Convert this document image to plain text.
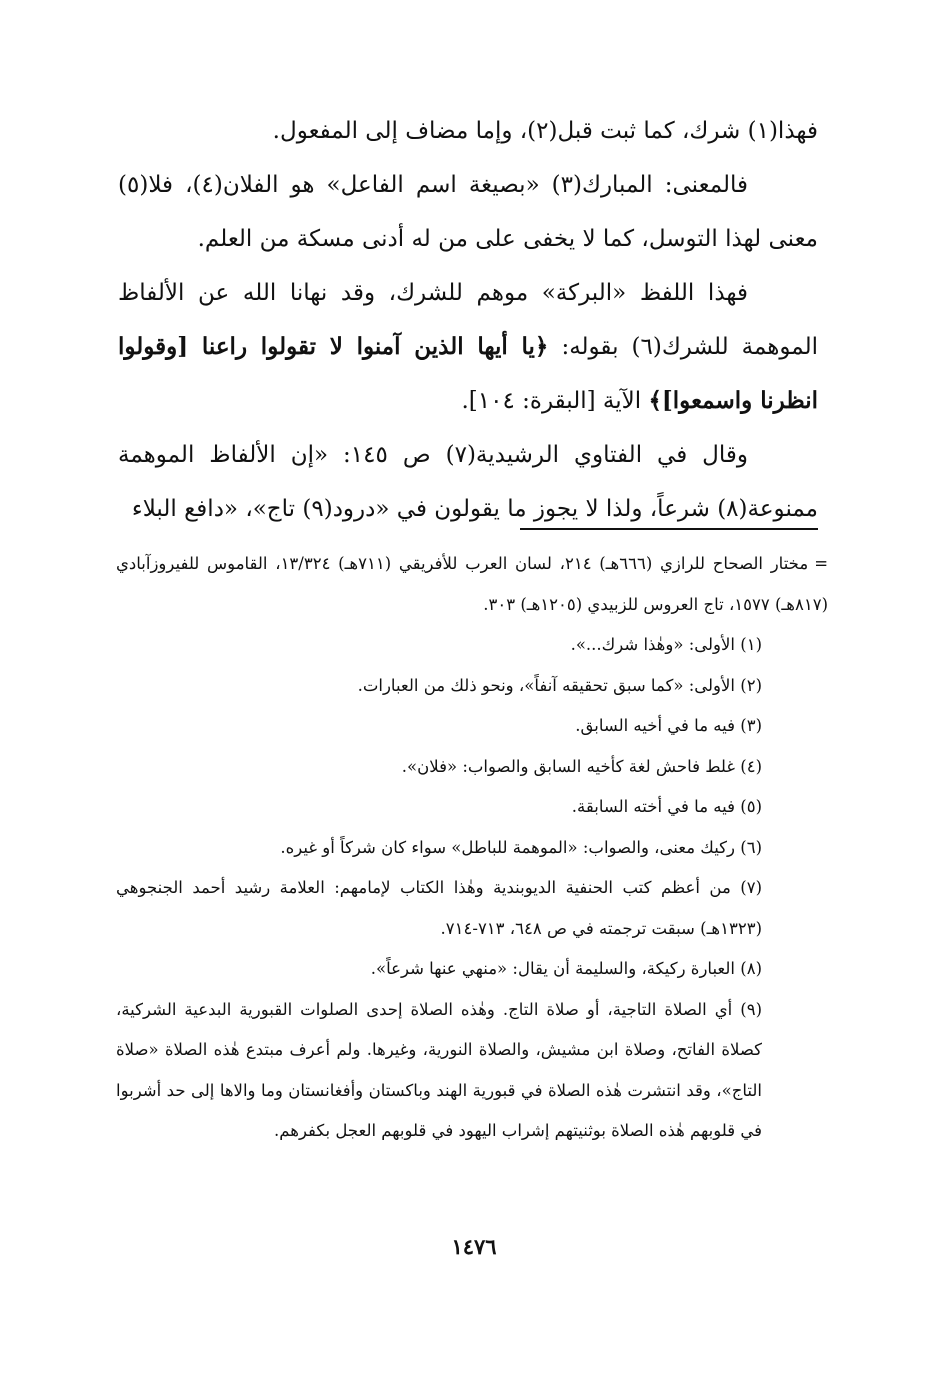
فهذا(١) شرك، كما ثبت قبل(٢)، وإما مضاف إلى المفعول.

فالمعنى: المبارك(٣) «بصيغة اسم الفاعل» هو الفلان(٤)، فلا(٥) معنى لهذا التوسل، كما لا يخفى على من له أدنى مسكة من العلم.

فهذا اللفظ «البركة» موهم للشرك، وقد نهانا الله عن الألفاظ الموهمة للشرك(٦) بقوله: ﴿يا أيها الذين آمنوا لا تقولوا راعنا [وقولوا انظرنا واسمعوا]﴾ الآية [البقرة: ١٠٤].

وقال في الفتاوي الرشيدية(٧) ص ١٤٥: «إن الألفاظ الموهمة ممنوعة(٨) شرعاً، ولذا لا يجوز ما يقولون في «درود(٩) تاج»، «دافع البلاء

=مختار الصحاح للرازي (٦٦٦هـ) ٢١٤، لسان العرب للأفريقي (٧١١هـ) ١٣/٣٢٤، القاموس للفيروزآبادي (٨١٧هـ) ١٥٧٧، تاج العروس للزبيدي (١٢٠٥هـ) ٣٠٣.

(١) الأولى: «وهٰذا شرك...».

(٢) الأولى: «كما سبق تحقيقه آنفاً»، ونحو ذلك من العبارات.

(٣) فيه ما في أخيه السابق.

(٤) غلط فاحش لغة كأخيه السابق والصواب: «فلان».

(٥) فيه ما في أخته السابقة.

(٦) ركيك معنى، والصواب: «الموهمة للباطل» سواء كان شركاً أو غيره.

(٧) من أعظم كتب الحنفية الديوبندية وهٰذا الكتاب لإمامهم: العلامة رشيد أحمد الجنجوهي (١٣٢٣هـ) سبقت ترجمته في ص ٦٤٨، ٧١٣-٧١٤.

(٨) العبارة ركيكة، والسليمة أن يقال: «منهي عنها شرعاً».

(٩) أي الصلاة التاجية، أو صلاة التاج. وهٰذه الصلاة إحدى الصلوات القبورية البدعية الشركية، كصلاة الفاتح، وصلاة ابن مشيش، والصلاة النورية، وغيرها. ولم أعرف مبتدع هٰذه الصلاة «صلاة التاج»، وقد انتشرت هٰذه الصلاة في قبورية الهند وباكستان وأفغانستان وما والاها إلى حد أشربوا في قلوبهم هٰذه الصلاة بوثنيتهم إشراب اليهود في قلوبهم العجل بكفرهم.

١٤٧٦
